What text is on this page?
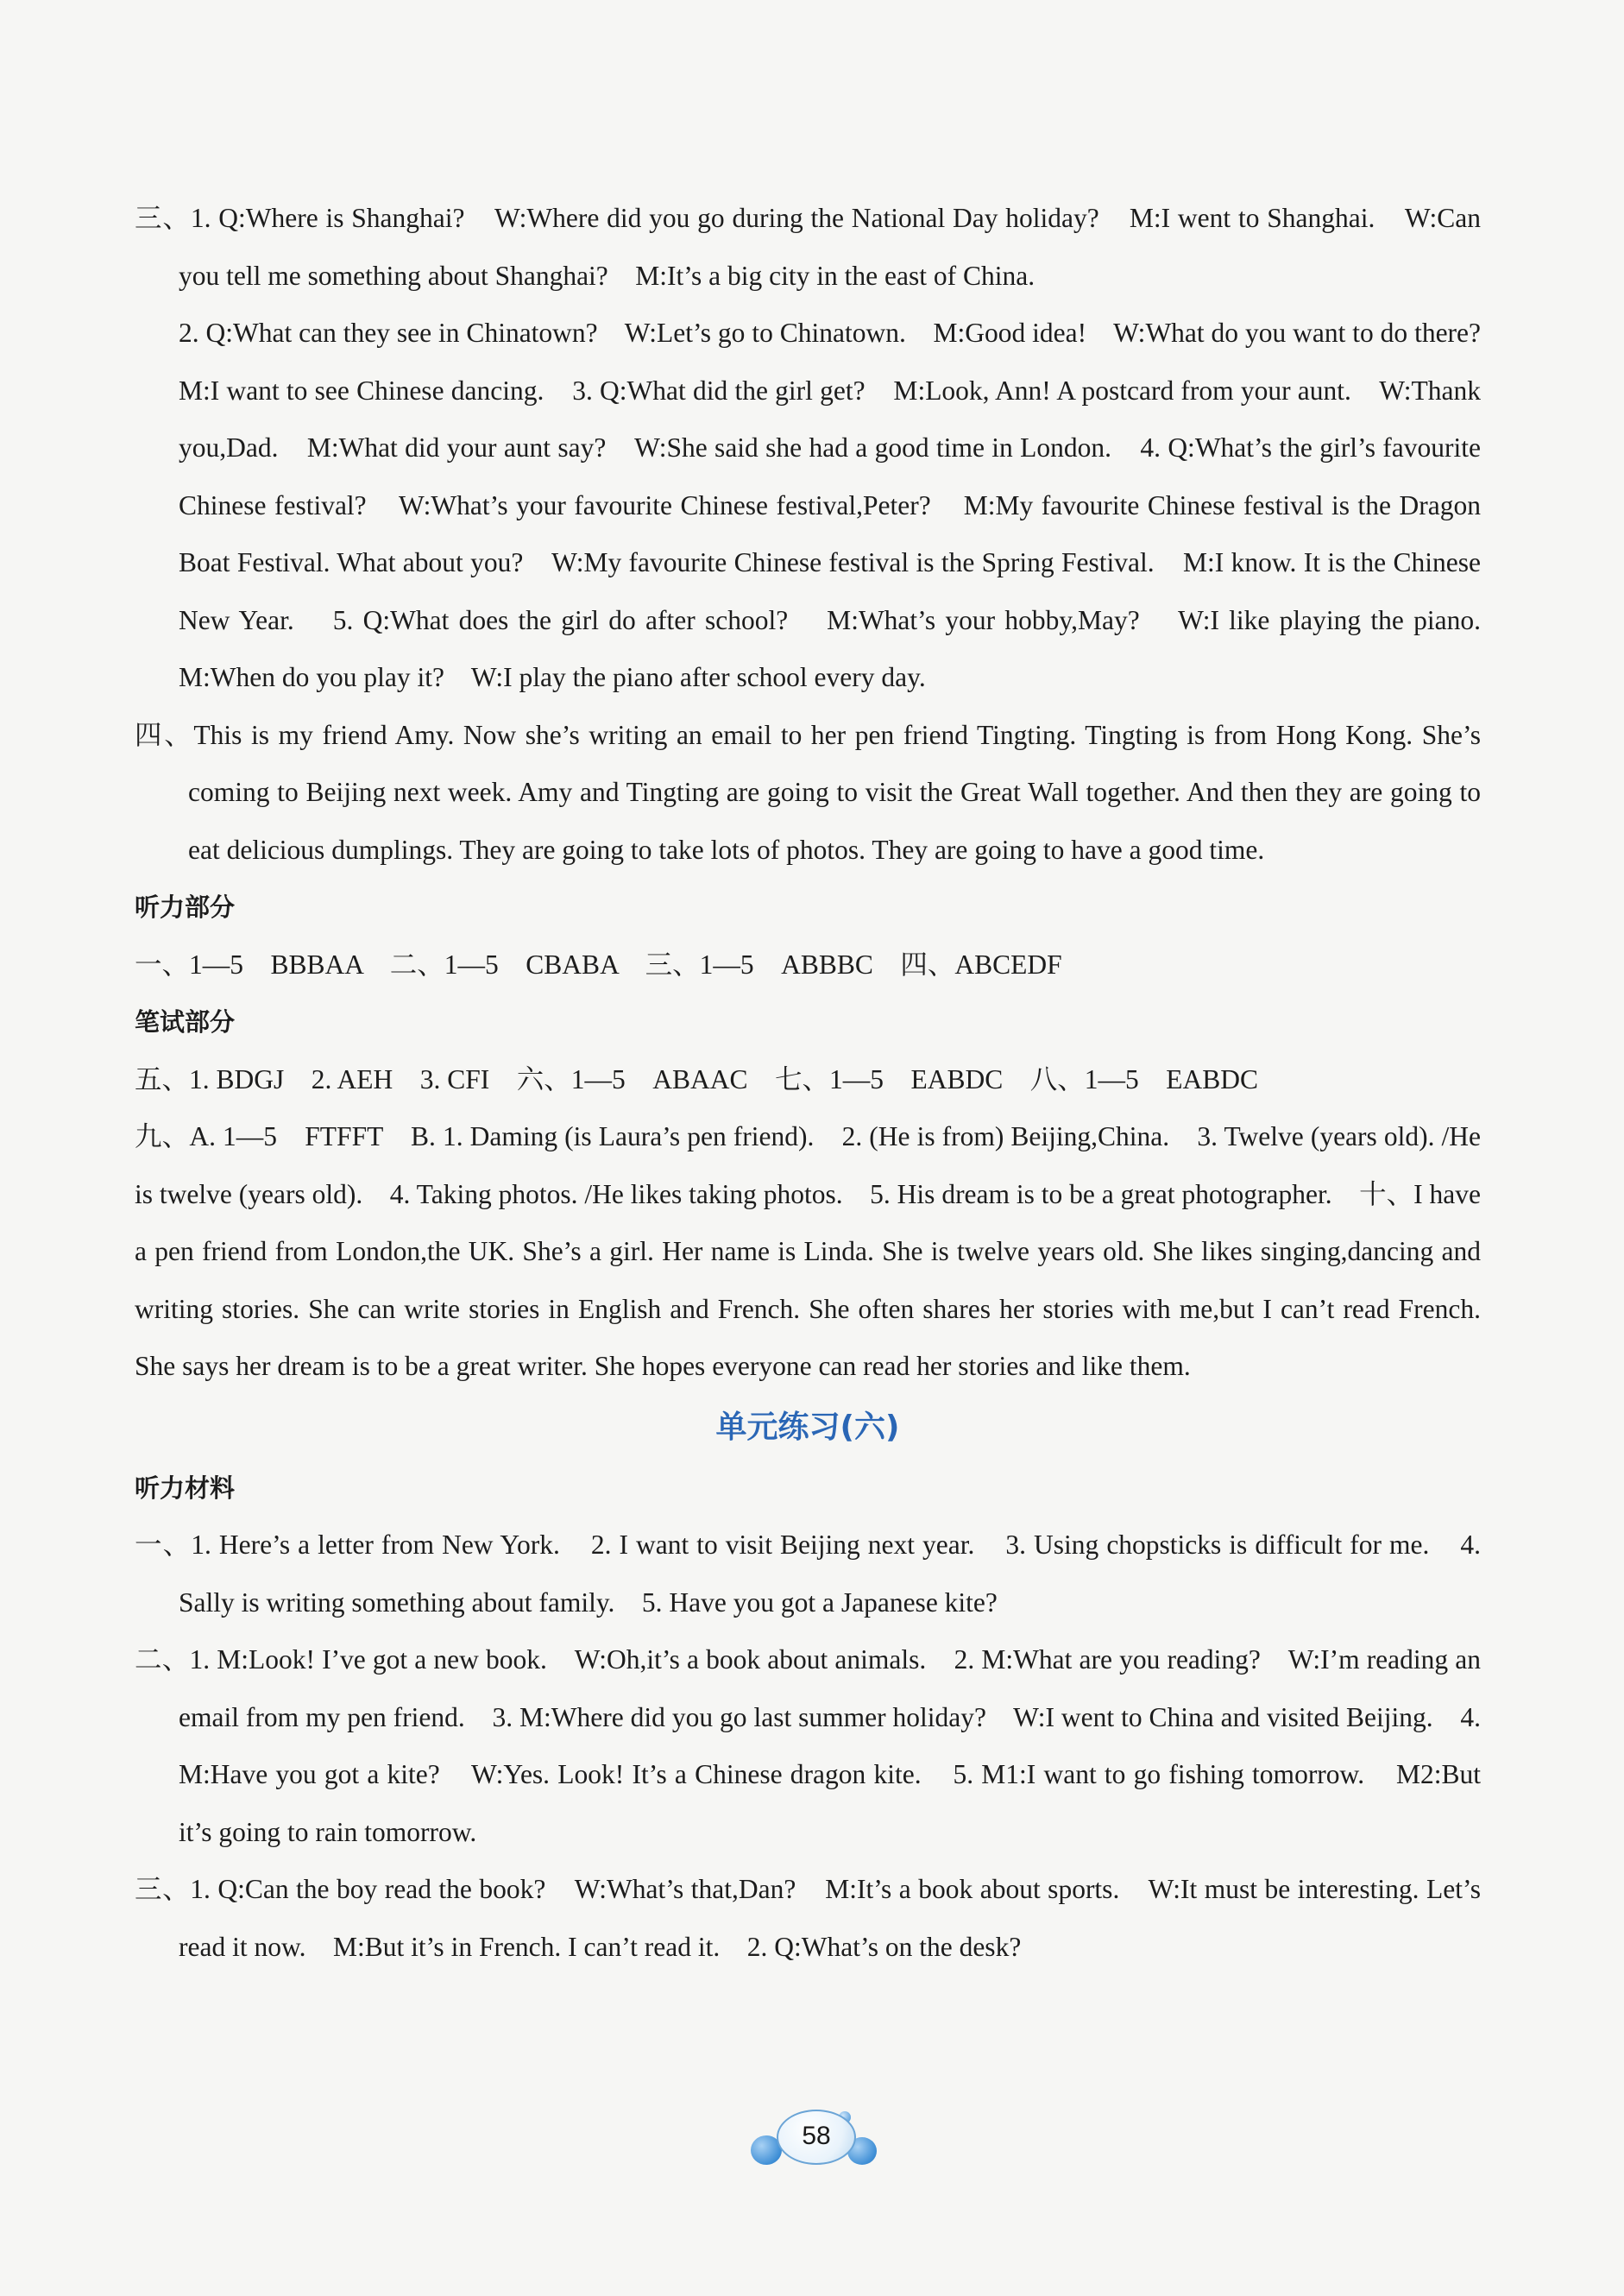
三、1. Q:Where is Shanghai?    W:Where did you go during the National Day holiday?    M:I went to Shanghai.    W:Can you tell me something about Shanghai?    M:It’s a big city in the east of China.

2. Q:What can they see in Chinatown?    W:Let’s go to Chinatown.    M:Good idea!    W:What do you want to do there?    M:I want to see Chinese dancing.    3. Q:What did the girl get?    M:Look, Ann! A postcard from your aunt.    W:Thank you,Dad.    M:What did your aunt say?    W:She said she had a good time in London.    4. Q:What’s the girl’s favourite Chinese festival?    W:What’s your favourite Chinese festival,Peter?    M:My favourite Chinese festival is the Dragon Boat Festival. What about you?    W:My favourite Chinese festival is the Spring Festival.    M:I know. It is the Chinese New Year.    5. Q:What does the girl do after school?    M:What’s your hobby,May?    W:I like playing the piano.    M:When do you play it?    W:I play the piano after school every day.

四、This is my friend Amy. Now she’s writing an email to her pen friend Tingting. Tingting is from Hong Kong. She’s coming to Beijing next week. Amy and Tingting are going to visit the Great Wall together. And then they are going to eat delicious dumplings. They are going to take lots of photos. They are going to have a good time.

听力部分

一、1—5    BBBAA    二、1—5    CBABA    三、1—5    ABBBC    四、ABCEDF

笔试部分

五、1. BDGJ    2. AEH    3. CFI    六、1—5    ABAAC    七、1—5    EABDC    八、1—5    EABDC

九、A. 1—5    FTFFT    B. 1. Daming (is Laura’s pen friend).    2. (He is from) Beijing,China.    3. Twelve (years old). /He is twelve (years old).    4. Taking photos. /He likes taking photos.    5. His dream is to be a great photographer.    十、I have a pen friend from London,the UK. She’s a girl. Her name is Linda. She is twelve years old. She likes singing,dancing and writing stories. She can write stories in English and French. She often shares her stories with me,but I can’t read French. She says her dream is to be a great writer. She hopes everyone can read her stories and like them.

单元练习(六)

听力材料

一、1. Here’s a letter from New York.    2. I want to visit Beijing next year.    3. Using chopsticks is difficult for me.    4. Sally is writing something about family.    5. Have you got a Japanese kite?

二、1. M:Look! I’ve got a new book.    W:Oh,it’s a book about animals.    2. M:What are you reading?    W:I’m reading an email from my pen friend.    3. M:Where did you go last summer holiday?    W:I went to China and visited Beijing.    4. M:Have you got a kite?    W:Yes. Look! It’s a Chinese dragon kite.    5. M1:I want to go fishing tomorrow.    M2:But it’s going to rain tomorrow.

三、1. Q:Can the boy read the book?    W:What’s that,Dan?    M:It’s a book about sports.    W:It must be interesting. Let’s read it now.    M:But it’s in French. I can’t read it.    2. Q:What’s on the desk?

58
